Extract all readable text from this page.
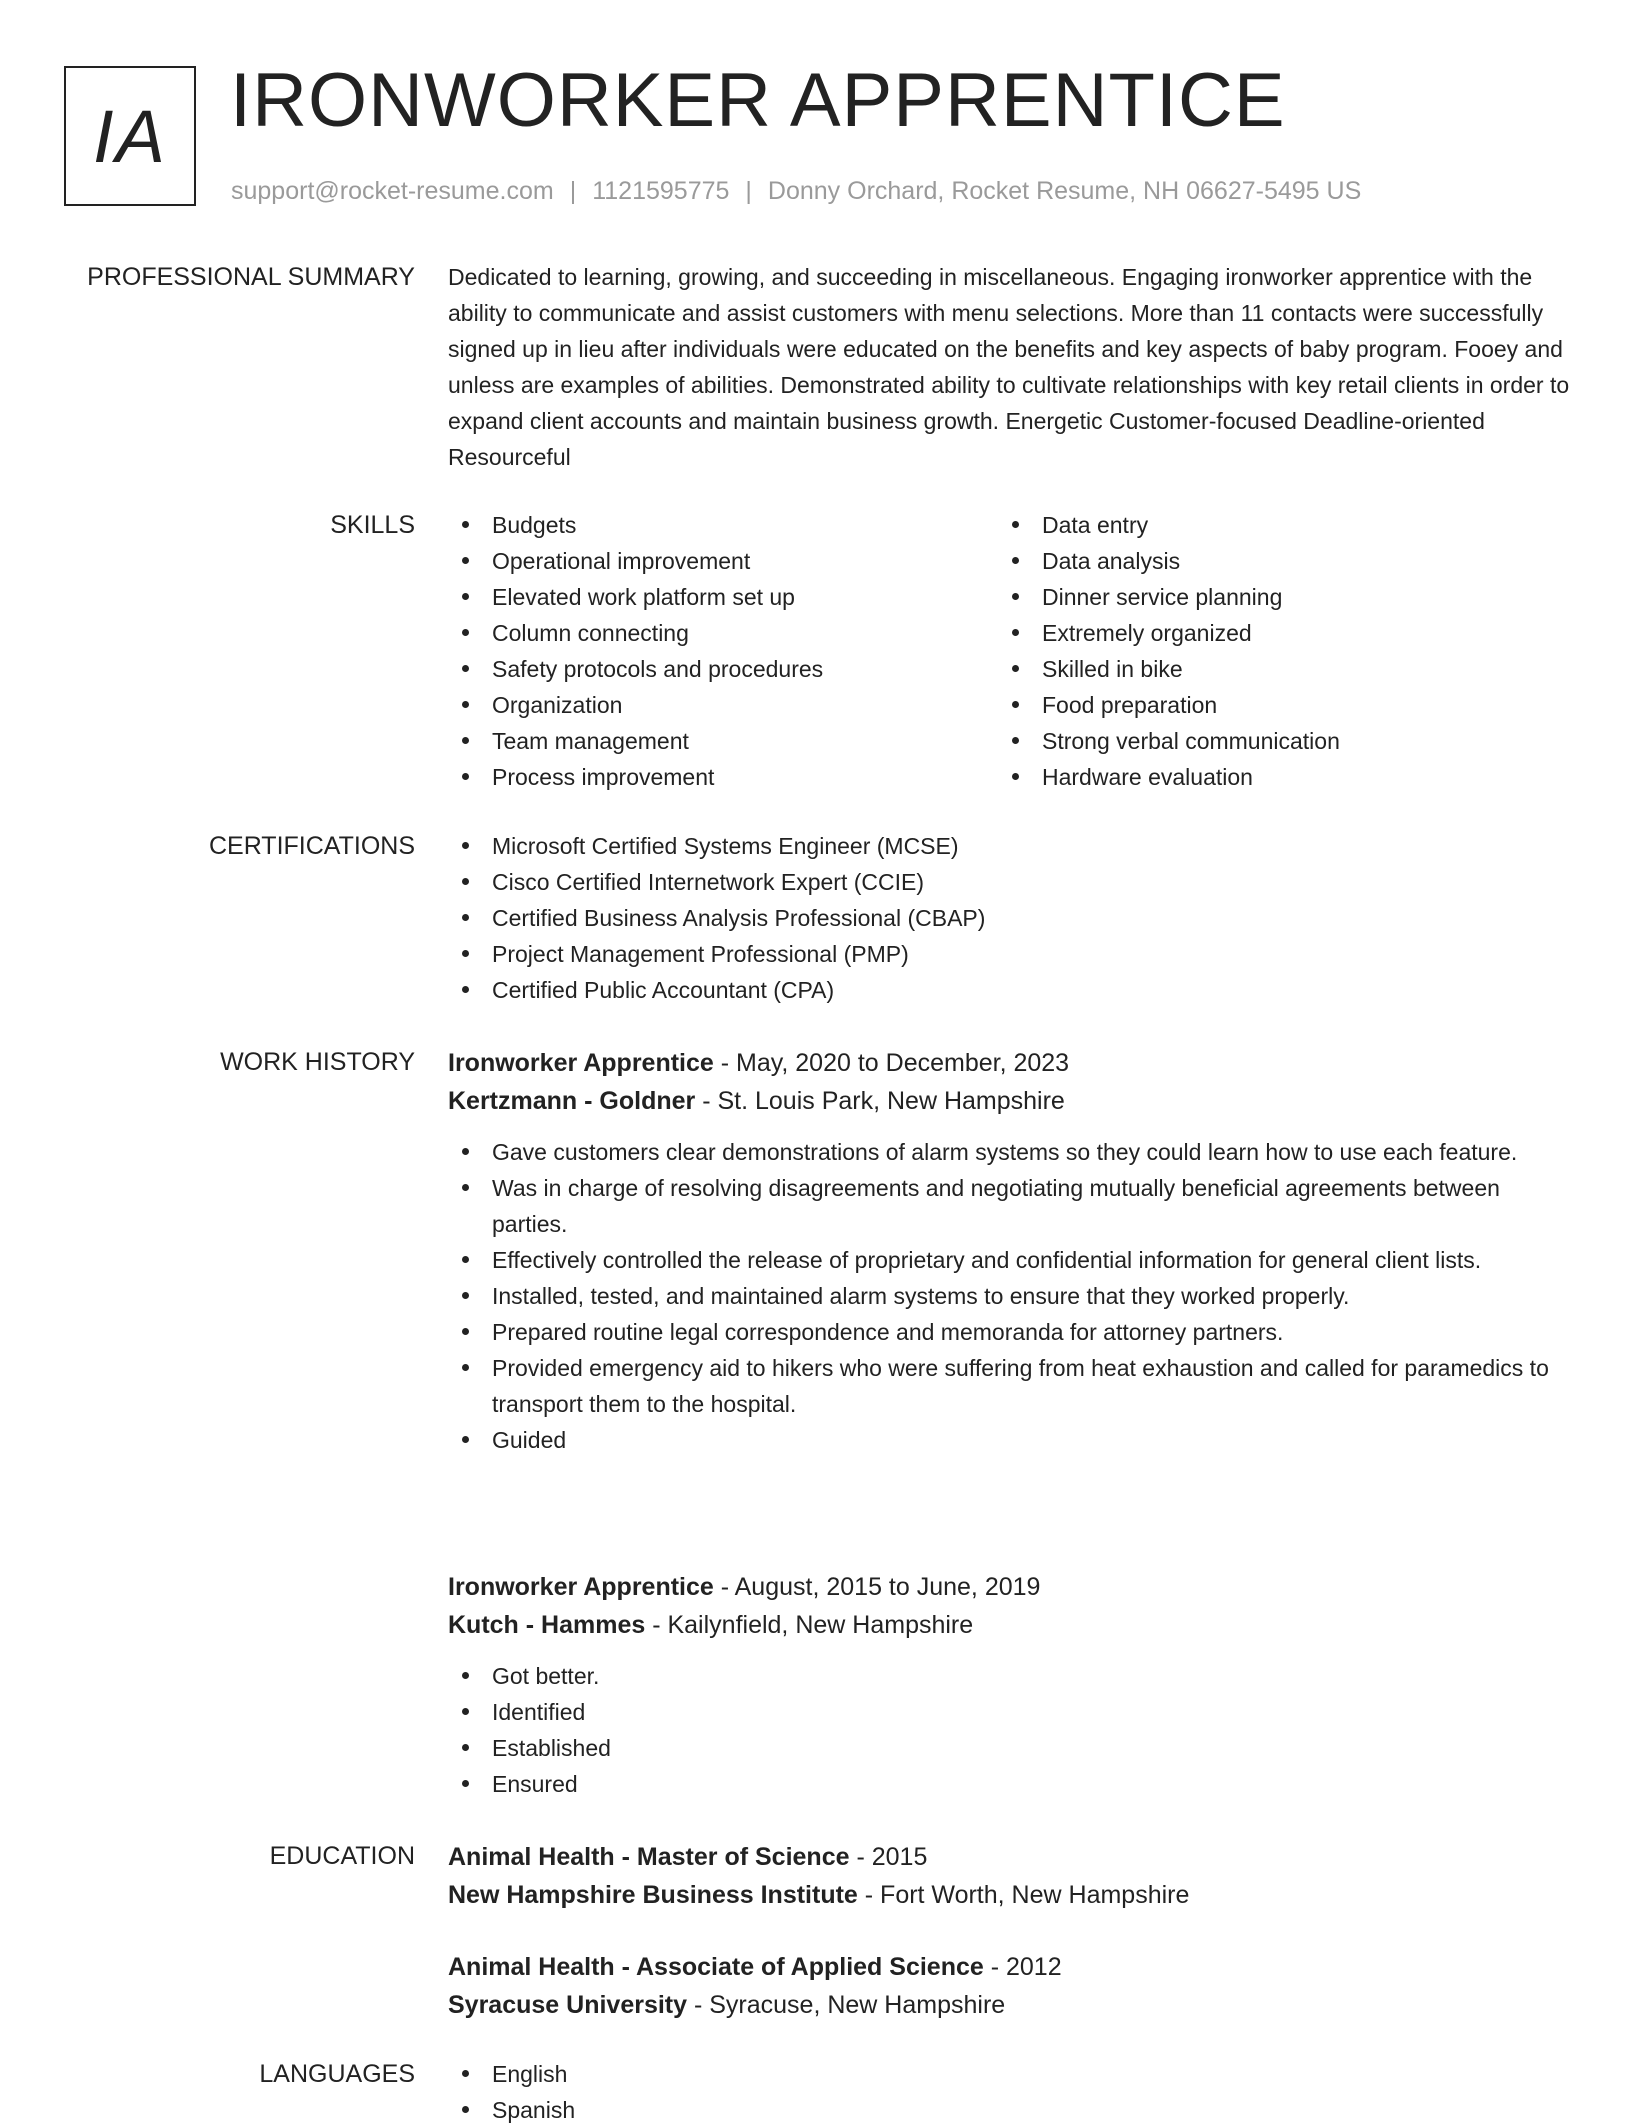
IA IRONWORKER APPRENTICE
support@rocket-resume.com | 1121595775 | Donny Orchard, Rocket Resume, NH 06627-5495 US
PROFESSIONAL SUMMARY Dedicated to learning, growing, and succeeding in miscellaneous. Engaging ironworker apprentice with the ability to communicate and assist customers with menu selections. More than 11 contacts were successfully signed up in lieu after individuals were educated on the benefits and key aspects of baby program. Fooey and unless are examples of abilities. Demonstrated ability to cultivate relationships with key retail clients in order to expand client accounts and maintain business growth. Energetic Customer-focused Deadline-oriented Resourceful

SKILLS	Budgets
Operational improvement
Elevated work platform set up
Column connecting
Safety protocols and procedures
Organization
Team management
Process improvement
Data entry
Data analysis
Dinner service planning
Extremely organized
Skilled in bike
Food preparation
Strong verbal communication
Hardware evaluation
CERTIFICATIONS	Microsoft Certified Systems Engineer (MCSE)
Cisco Certified Internetwork Expert (CCIE)
Certified Business Analysis Professional (CBAP)
Project Management Professional (PMP)
Certified Public Accountant (CPA)
WORK HISTORY Ironworker Apprentice - May, 2020 to December, 2023
Kertzmann - Goldner - St. Louis Park, New Hampshire
Gave customers clear demonstrations of alarm systems so they could learn how to use each feature.
Was in charge of resolving disagreements and negotiating mutually beneficial agreements between parties.
Effectively controlled the release of proprietary and confidential information for general client lists.
Installed, tested, and maintained alarm systems to ensure that they worked properly.
Prepared routine legal correspondence and memoranda for attorney partners.
Provided emergency aid to hikers who were suffering from heat exhaustion and called for paramedics to transport them to the hospital.
Guided
Ironworker Apprentice - August, 2015 to June, 2019
Kutch - Hammes - Kailynfield, New Hampshire
Got better.
Identified
Established
Ensured
EDUCATION Animal Health - Master of Science - 2015
New Hampshire Business Institute - Fort Worth, New Hampshire
Animal Health - Associate of Applied Science - 2012
Syracuse University - Syracuse, New Hampshire
LANGUAGES	English
Spanish
